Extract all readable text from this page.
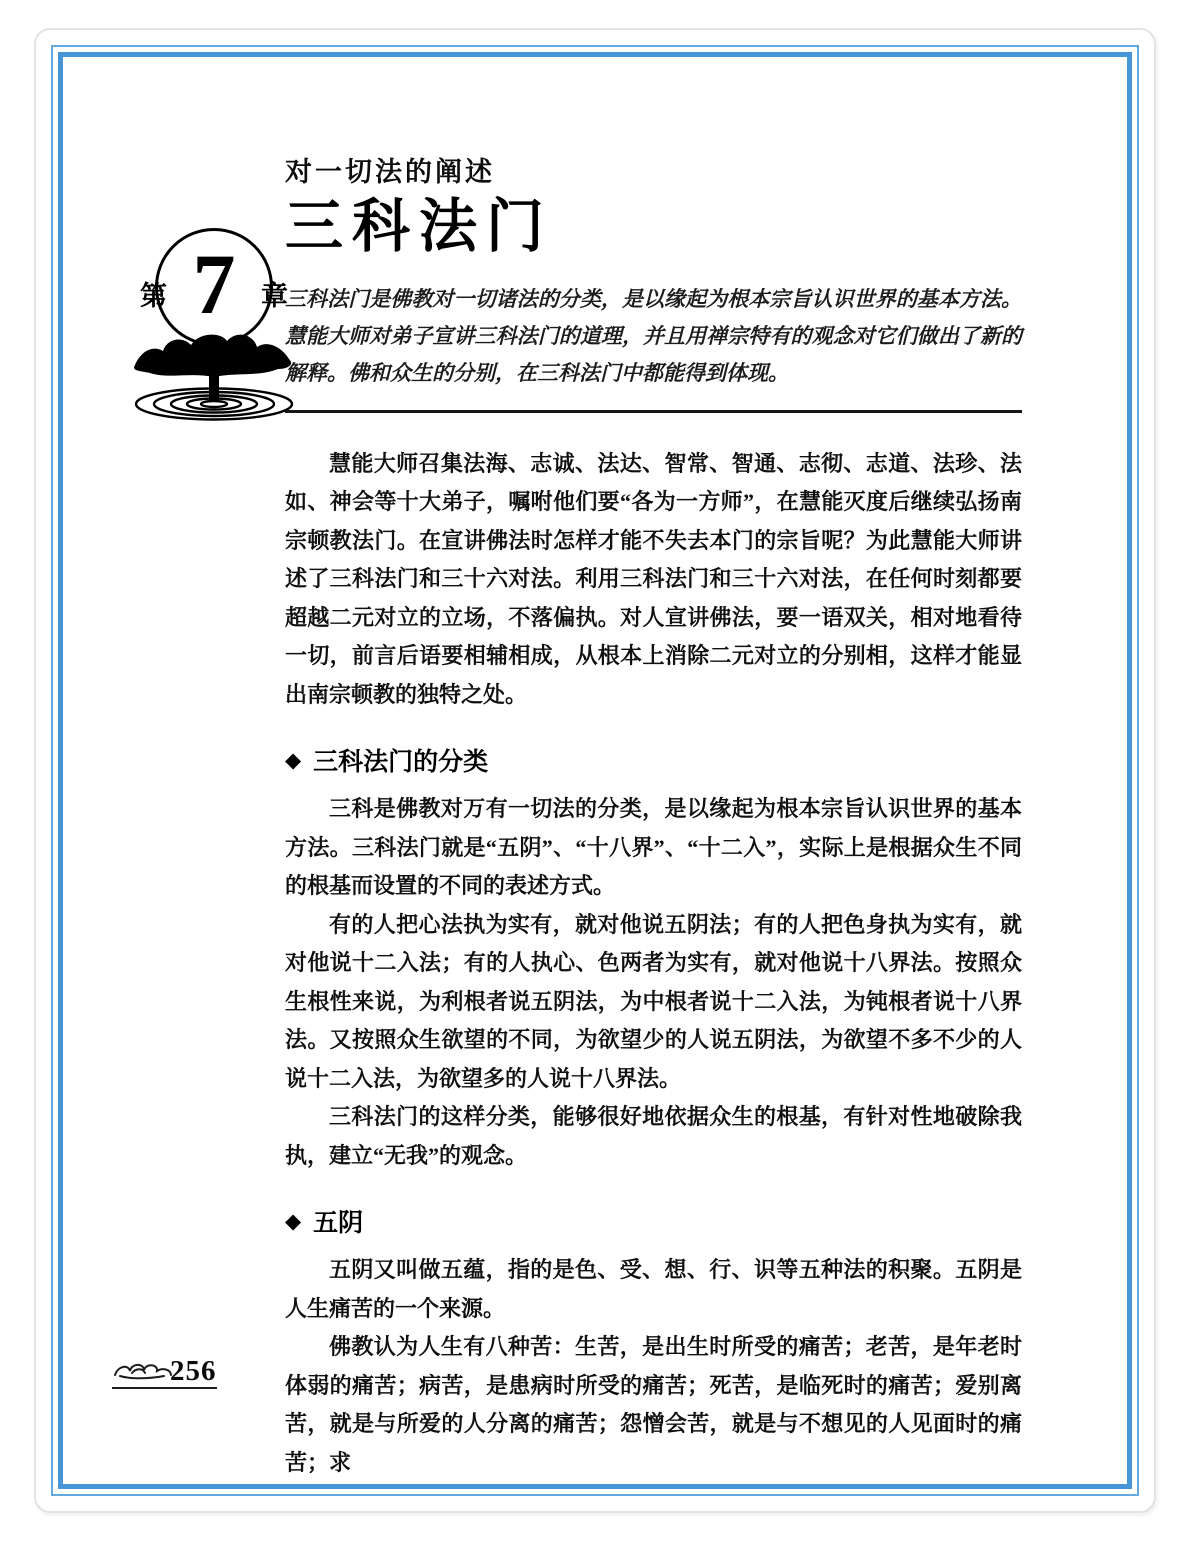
7
第	章
对一切法的阐述
三科法门

三科法门是佛教对一切诸法的分类，是以缘起为根本宗旨认识世界的基本方法。慧能大师对弟子宣讲三科法门的道理，并且用禅宗特有的观念对它们做出了新的解释。佛和众生的分别，在三科法门中都能得到体现。

慧能大师召集法海、志诚、法达、智常、智通、志彻、志道、法珍、法如、神会等十大弟子，嘱咐他们要“各为一方师”，在慧能灭度后继续弘扬南宗顿教法门。在宣讲佛法时怎样才能不失去本门的宗旨呢？为此慧能大师讲述了三科法门和三十六对法。利用三科法门和三十六对法，在任何时刻都要超越二元对立的立场，不落偏执。对人宣讲佛法，要一语双关，相对地看待一切，前言后语要相辅相成，从根本上消除二元对立的分别相，这样才能显出南宗顿教的独特之处。

◆ 三科法门的分类

三科是佛教对万有一切法的分类，是以缘起为根本宗旨认识世界的基本方法。三科法门就是“五阴”、“十八界”、“十二入”，实际上是根据众生不同的根基而设置的不同的表述方式。

有的人把心法执为实有，就对他说五阴法；有的人把色身执为实有，就对他说十二入法；有的人执心、色两者为实有，就对他说十八界法。按照众生根性来说，为利根者说五阴法，为中根者说十二入法，为钝根者说十八界法。又按照众生欲望的不同，为欲望少的人说五阴法，为欲望不多不少的人说十二入法，为欲望多的人说十八界法。

三科法门的这样分类，能够很好地依据众生的根基，有针对性地破除我执，建立“无我”的观念。

◆ 五阴

五阴又叫做五蕴，指的是色、受、想、行、识等五种法的积聚。五阴是人生痛苦的一个来源。

佛教认为人生有八种苦：生苦，是出生时所受的痛苦；老苦，是年老时体弱的痛苦；病苦，是患病时所受的痛苦；死苦，是临死时的痛苦；爱别离苦，就是与所爱的人分离的痛苦；怨憎会苦，就是与不想见的人见面时的痛苦；求

256
